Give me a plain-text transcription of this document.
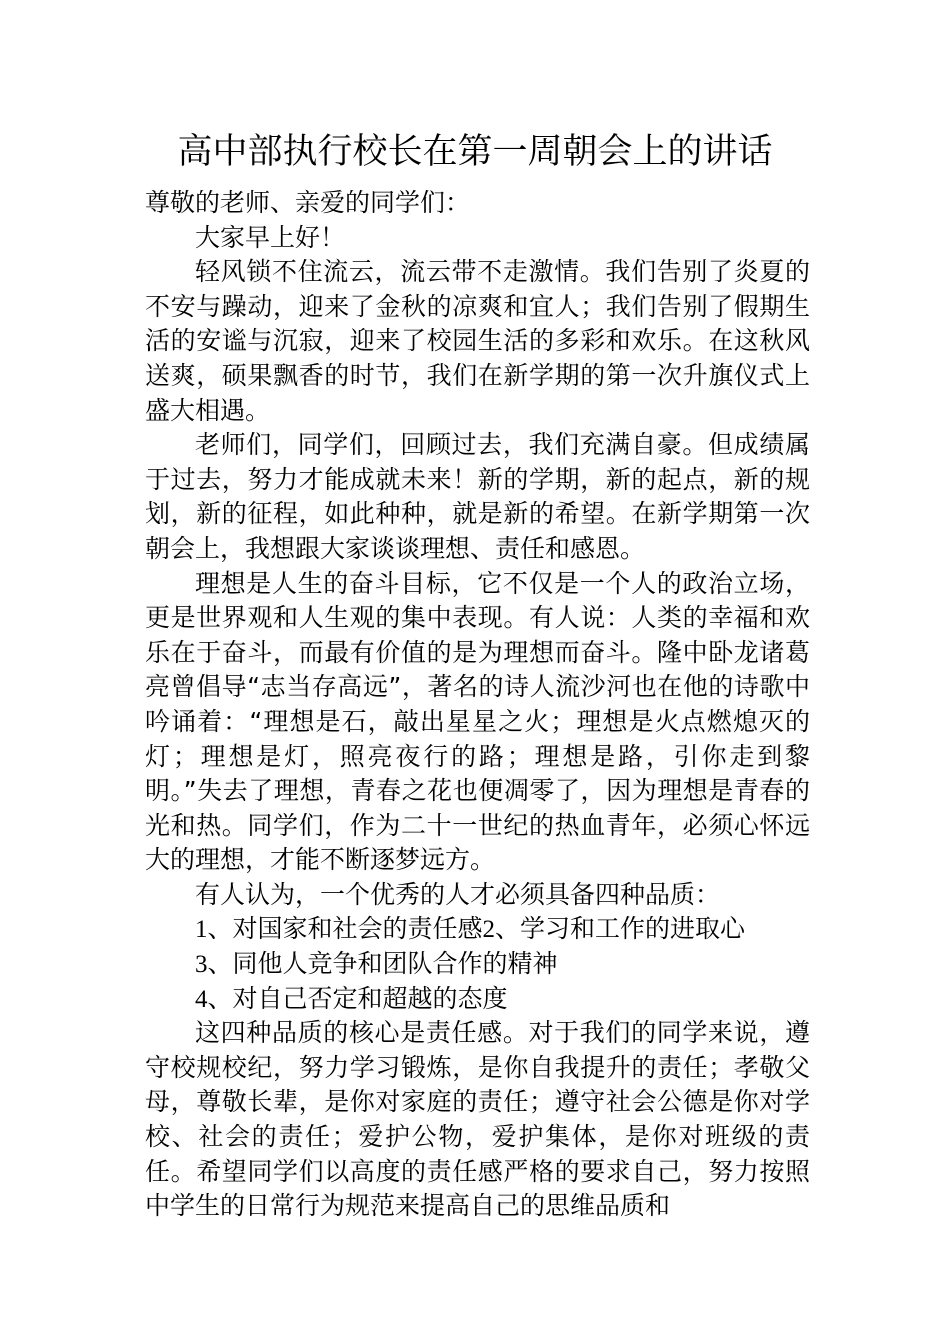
高中部执行校长在第一周朝会上的讲话
尊敬的老师、亲爱的同学们：
大家早上好！
轻风锁不住流云，流云带不走激情。我们告别了炎夏的不安与躁动，迎来了金秋的凉爽和宜人；我们告别了假期生活的安谧与沉寂，迎来了校园生活的多彩和欢乐。在这秋风送爽，硕果飘香的时节，我们在新学期的第一次升旗仪式上盛大相遇。
老师们，同学们，回顾过去，我们充满自豪。但成绩属于过去，努力才能成就未来！新的学期，新的起点，新的规划，新的征程，如此种种，就是新的希望。在新学期第一次朝会上，我想跟大家谈谈理想、责任和感恩。
理想是人生的奋斗目标，它不仅是一个人的政治立场，更是世界观和人生观的集中表现。有人说：人类的幸福和欢乐在于奋斗，而最有价值的是为理想而奋斗。隆中卧龙诸葛亮曾倡导“志当存高远”，著名的诗人流沙河也在他的诗歌中吟诵着：“理想是石，敲出星星之火；理想是火点燃熄灭的灯；理想是灯，照亮夜行的路；理想是路，引你走到黎明。”失去了理想，青春之花也便凋零了，因为理想是青春的光和热。同学们，作为二十一世纪的热血青年，必须心怀远大的理想，才能不断逐梦远方。
有人认为，一个优秀的人才必须具备四种品质：
1、对国家和社会的责任感2、学习和工作的进取心
3、同他人竞争和团队合作的精神
4、对自己否定和超越的态度
这四种品质的核心是责任感。对于我们的同学来说，遵守校规校纪，努力学习锻炼，是你自我提升的责任；孝敬父母，尊敬长辈，是你对家庭的责任；遵守社会公德是你对学校、社会的责任；爱护公物，爱护集体，是你对班级的责任。希望同学们以高度的责任感严格的要求自己，努力按照中学生的日常行为规范来提高自己的思维品质和
